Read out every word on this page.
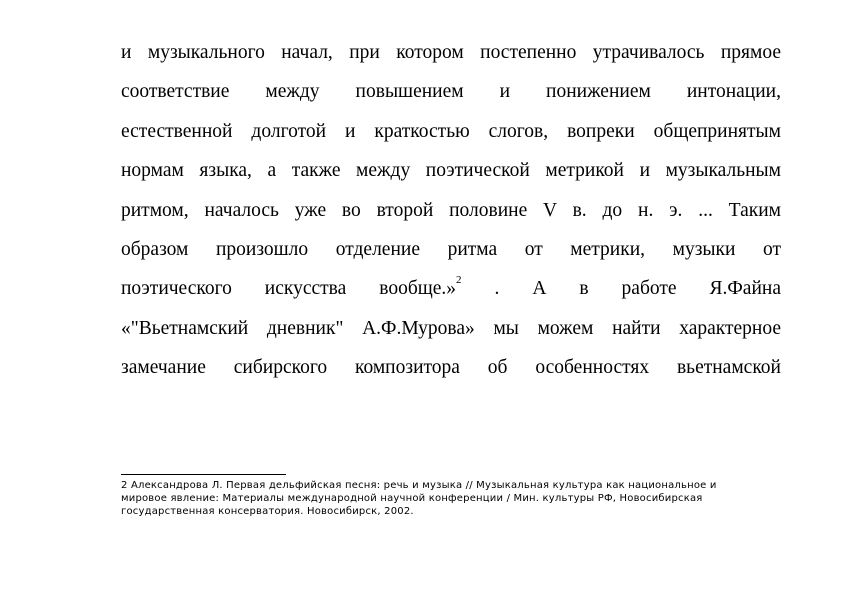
и музыкального начал, при котором постепенно утрачивалось прямое
соответствие между повышением и понижением интонации,
естественной долготой и краткостью слогов, вопреки общепринятым
нормам языка, а также между поэтической метрикой и музыкальным
ритмом, началось уже во второй половине V в. до н. э. ... Таким
образом произошло отделение ритма от метрики, музыки от
поэтического искусства вообще.»$^2$ . А в работе Я.Файна
«"Вьетнамский дневник" А.Ф.Мурова» мы можем найти характерное
замечание сибирского композитора об особенностях вьетнамской
2 Александрова Л. Первая дельфийская песня: речь и музыка // Музыкальная культура как национальное и
мировое явление: Материалы международной научной конференции / Мин. культуры РФ, Новосибирская
государственная консерватория. Новосибирск, 2002.
